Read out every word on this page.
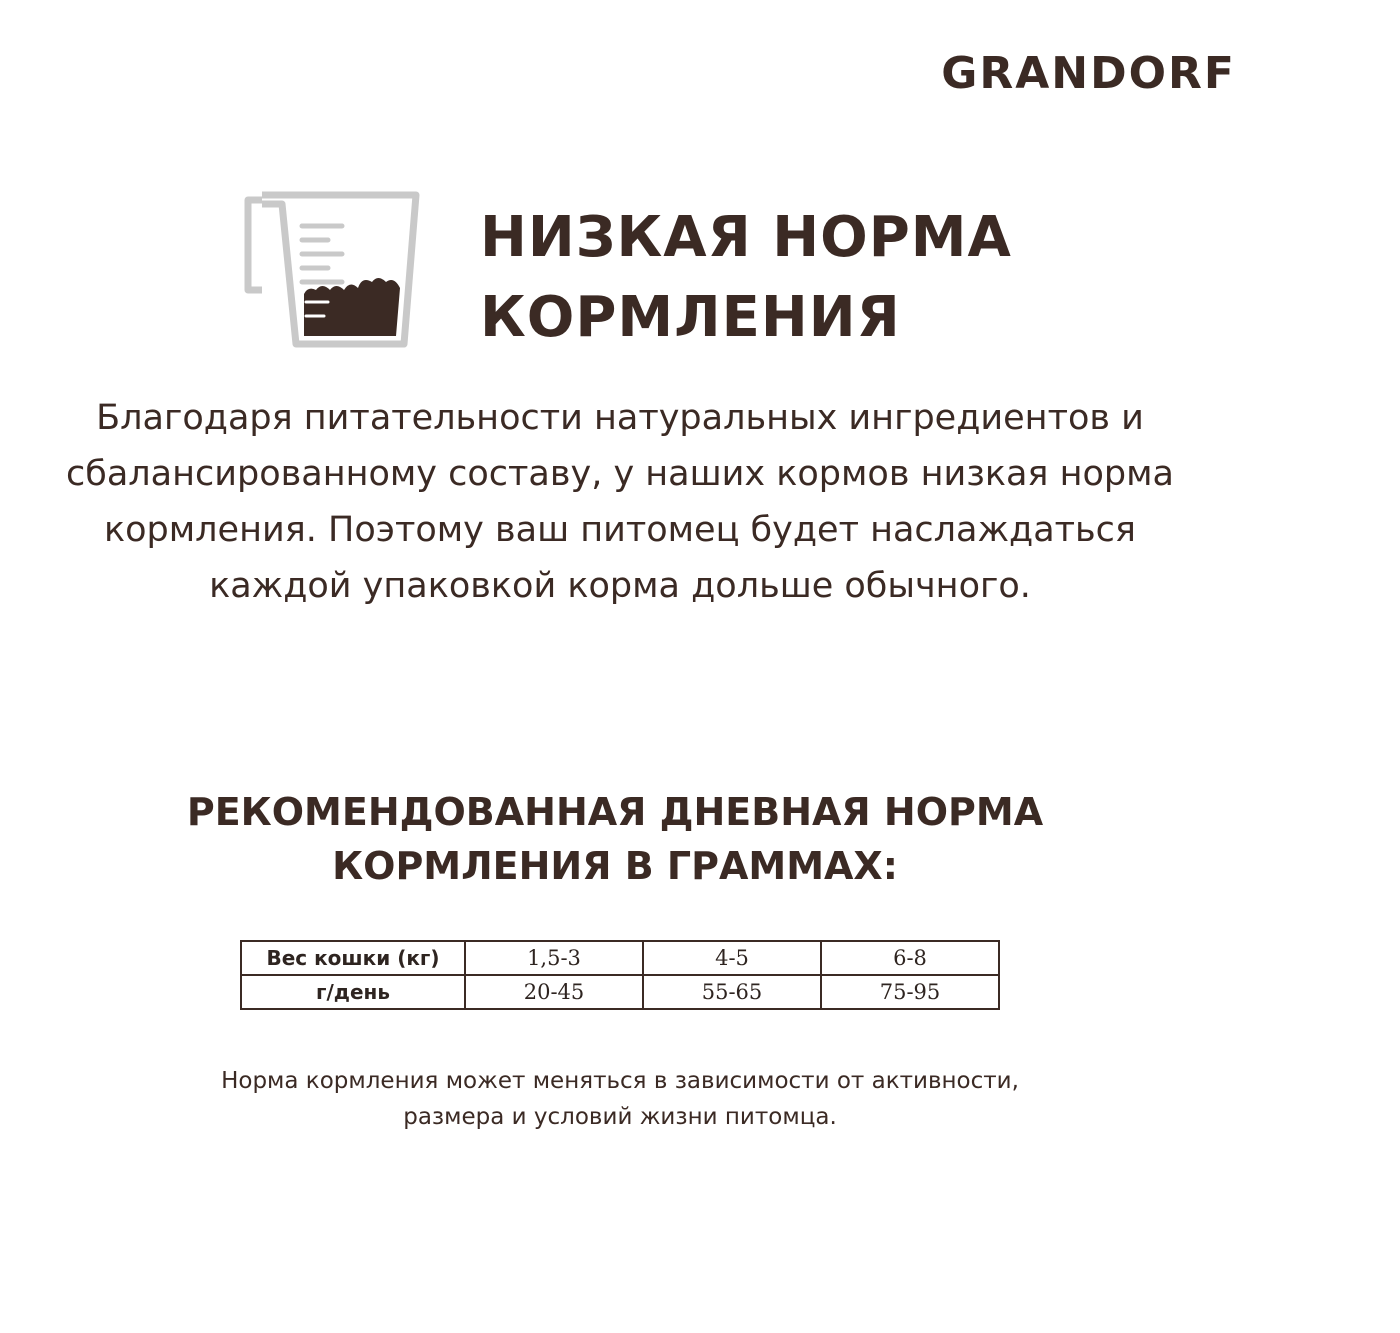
GRANDORF
НИЗКАЯ НОРМА
КОРМЛЕНИЯ
Благодаря питательности натуральных ингредиентов и
сбалансированному составу, у наших кормов низкая норма
кормления. Поэтому ваш питомец будет наслаждаться
каждой упаковкой корма дольше обычного.
РЕКОМЕНДОВАННАЯ ДНЕВНАЯ НОРМА
КОРМЛЕНИЯ В ГРАММАХ:
Вес кошки (кг)	1,5-3	4-5	6-8
г/день	20-45	55-65	75-95
Норма кормления может меняться в зависимости от активности,
размера и условий жизни питомца.
